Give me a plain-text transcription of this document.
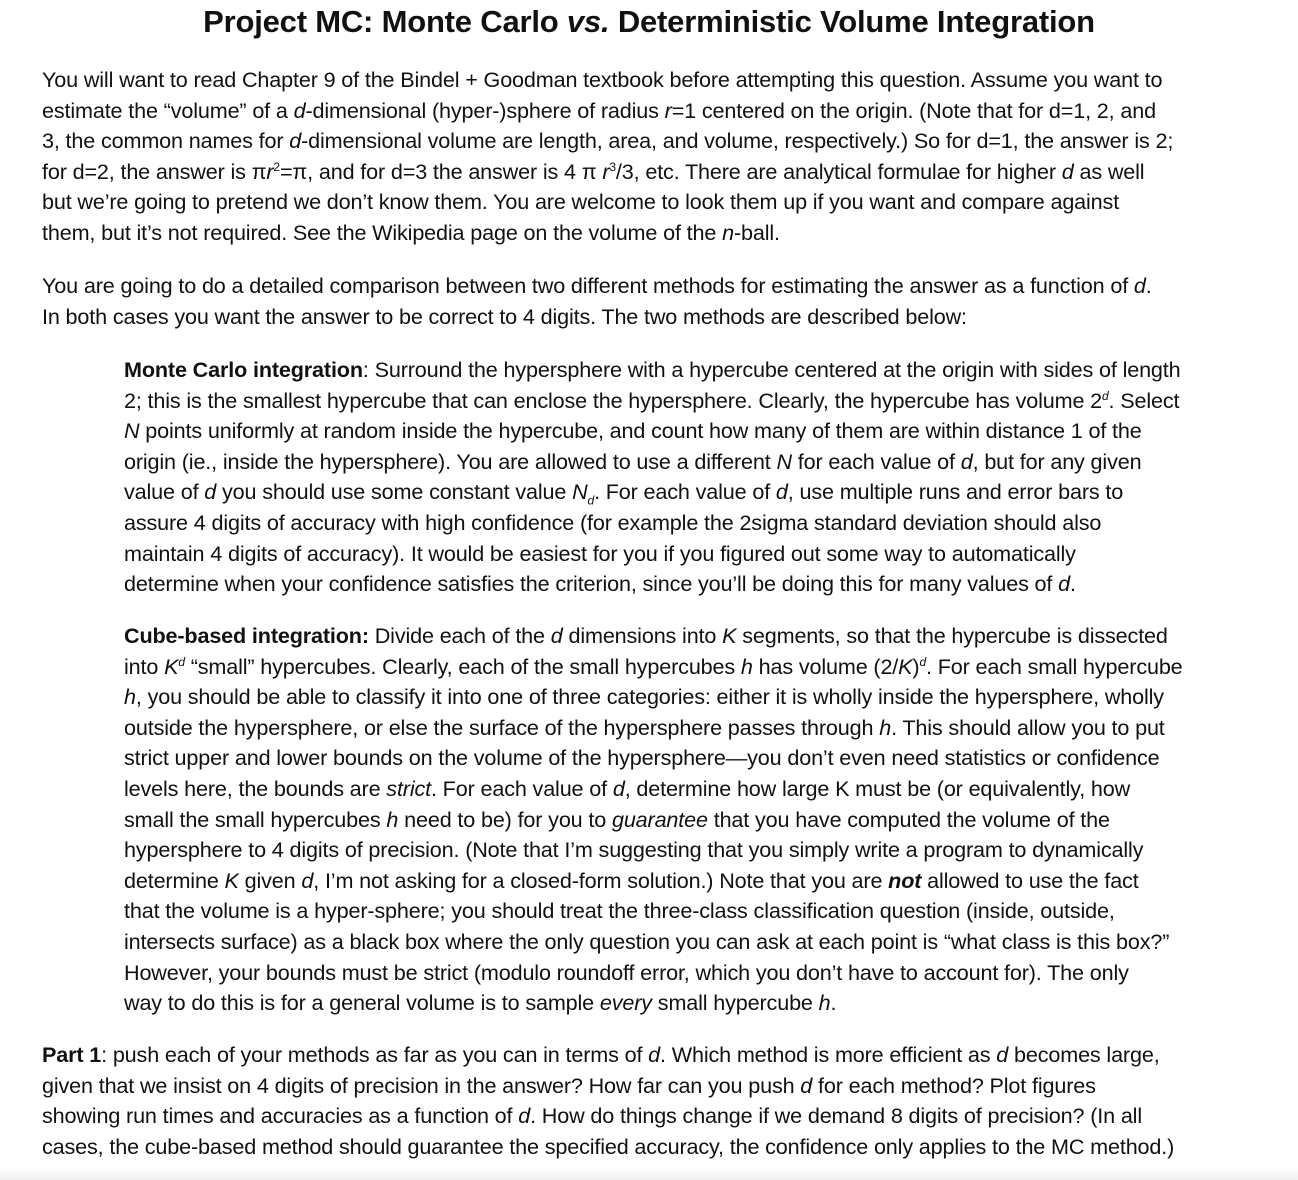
Project MC: Monte Carlo vs. Deterministic Volume Integration
You will want to read Chapter 9 of the Bindel + Goodman textbook before attempting this question. Assume you want to
estimate the “volume” of a d-dimensional (hyper-)sphere of radius r=1 centered on the origin. (Note that for d=1, 2, and
3, the common names for d-dimensional volume are length, area, and volume, respectively.) So for d=1, the answer is 2;
for d=2, the answer is $\pi r^2=\pi$, and for d=3 the answer is 4 π $r^3/3$, etc. There are analytical formulae for higher d as well
but we’re going to pretend we don’t know them. You are welcome to look them up if you want and compare against
them, but it’s not required. See the Wikipedia page on the volume of the n-ball.
You are going to do a detailed comparison between two different methods for estimating the answer as a function of d.
In both cases you want the answer to be correct to 4 digits. The two methods are described below:
Monte Carlo integration: Surround the hypersphere with a hypercube centered at the origin with sides of length
2; this is the smallest hypercube that can enclose the hypersphere. Clearly, the hypercube has volume 2$^d$. Select
N points uniformly at random inside the hypercube, and count how many of them are within distance 1 of the
origin (ie., inside the hypersphere). You are allowed to use a different N for each value of d, but for any given
value of d you should use some constant value $N_d$. For each value of d, use multiple runs and error bars to
assure 4 digits of accuracy with high confidence (for example the 2sigma standard deviation should also
maintain 4 digits of accuracy). It would be easiest for you if you figured out some way to automatically
determine when your confidence satisfies the criterion, since you’ll be doing this for many values of d.
Cube-based integration: Divide each of the d dimensions into K segments, so that the hypercube is dissected
into $K^d$ “small” hypercubes. Clearly, each of the small hypercubes h has volume $(2/K)^d$. For each small hypercube
h, you should be able to classify it into one of three categories: either it is wholly inside the hypersphere, wholly
outside the hypersphere, or else the surface of the hypersphere passes through h. This should allow you to put
strict upper and lower bounds on the volume of the hypersphere—you don’t even need statistics or confidence
levels here, the bounds are strict. For each value of d, determine how large K must be (or equivalently, how
small the small hypercubes h need to be) for you to guarantee that you have computed the volume of the
hypersphere to 4 digits of precision. (Note that I’m suggesting that you simply write a program to dynamically
determine K given d, I’m not asking for a closed-form solution.) Note that you are not allowed to use the fact
that the volume is a hyper-sphere; you should treat the three-class classification question (inside, outside,
intersects surface) as a black box where the only question you can ask at each point is “what class is this box?”
However, your bounds must be strict (modulo roundoff error, which you don’t have to account for). The only
way to do this is for a general volume is to sample every small hypercube h.
Part 1: push each of your methods as far as you can in terms of d. Which method is more efficient as d becomes large,
given that we insist on 4 digits of precision in the answer? How far can you push d for each method? Plot figures
showing run times and accuracies as a function of d. How do things change if we demand 8 digits of precision? (In all
cases, the cube-based method should guarantee the specified accuracy, the confidence only applies to the MC method.)
